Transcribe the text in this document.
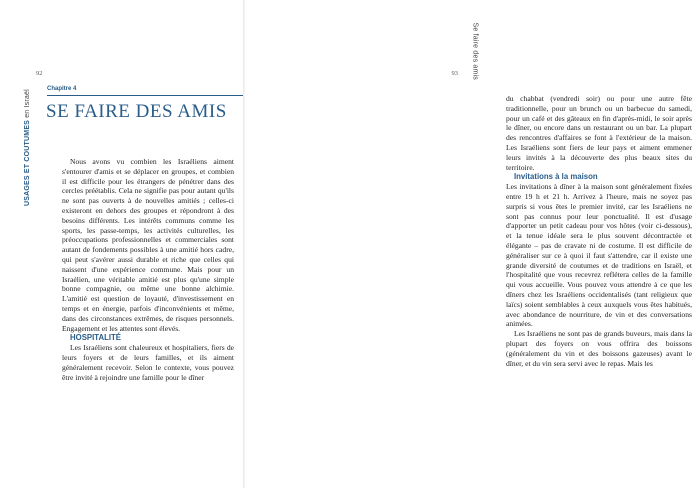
92
USAGES ET COUTUMES en Israël
Chapitre 4
SE FAIRE DES AMIS

Nous avons vu combien les Israéliens aiment s'entourer d'amis et se déplacer en groupes, et combien il est difficile pour les étrangers de pénétrer dans des cercles préétablis. Cela ne signifie pas pour autant qu'ils ne sont pas ouverts à de nouvelles amitiés ; celles-ci existeront en dehors des groupes et répondront à des besoins différents. Les intérêts communs comme les sports, les passe-temps, les activités culturelles, les préoccupations professionnelles et commerciales sont autant de fondements possibles à une amitié hors cadre, qui peut s'avérer aussi durable et riche que celles qui naissent d'une expérience commune. Mais pour un Israélien, une véritable amitié est plus qu'une simple bonne compagnie, ou même une bonne alchimie. L'amitié est question de loyauté, d'investissement en temps et en énergie, parfois d'inconvénients et même, dans des circonstances extrêmes, de risques personnels. Engagement et les attentes sont élevés.

HOSPITALITÉ

Les Israéliens sont chaleureux et hospitaliers, fiers de leurs foyers et de leurs familles, et ils aiment généralement recevoir. Selon le contexte, vous pouvez être invité à rejoindre une famille pour le dîner

93 Se faire des amis

du chabbat (vendredi soir) ou pour une autre fête traditionnelle, pour un brunch ou un barbecue du samedi, pour un café et des gâteaux en fin d'après-midi, le soir après le dîner, ou encore dans un restaurant ou un bar. La plupart des rencontres d'affaires se font à l'extérieur de la maison. Les Israéliens sont fiers de leur pays et aiment emmener leurs invités à la découverte des plus beaux sites du territoire.

Invitations à la maison

Les invitations à dîner à la maison sont généralement fixées entre 19 h et 21 h. Arrivez à l'heure, mais ne soyez pas surpris si vous êtes le premier invité, car les Israéliens ne sont pas connus pour leur ponctualité. Il est d'usage d'apporter un petit cadeau pour vos hôtes (voir ci-dessous), et la tenue idéale sera le plus souvent décontractée et élégante – pas de cravate ni de costume. Il est difficile de généraliser sur ce à quoi il faut s'attendre, car il existe une grande diversité de coutumes et de traditions en Israël, et l'hospitalité que vous recevrez reflétera celles de la famille qui vous accueille. Vous pouvez vous attendre à ce que les dîners chez les Israéliens occidentalisés (tant religieux que laïcs) soient semblables à ceux auxquels vous êtes habitués, avec abondance de nourriture, de vin et des conversations animées.

Les Israéliens ne sont pas de grands buveurs, mais dans la plupart des foyers on vous offrira des boissons (généralement du vin et des boissons gazeuses) avant le dîner, et du vin sera servi avec le repas. Mais les
